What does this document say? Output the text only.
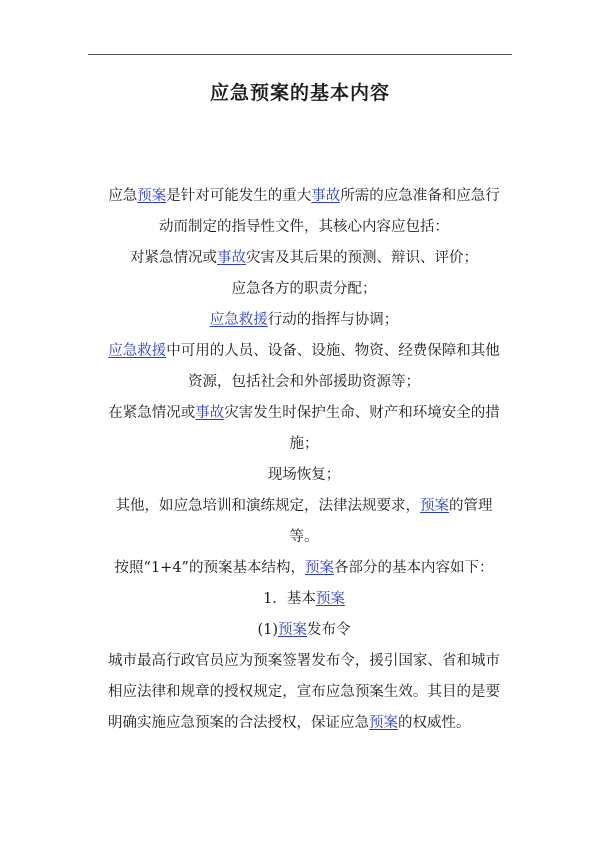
应急预案的基本内容

应急预案是针对可能发生的重大事故所需的应急准备和应急行动而制定的指导性文件，其核心内容应包括：

对紧急情况或事故灾害及其后果的预测、辩识、评价；

应急各方的职责分配；

应急救援行动的指挥与协调；

应急救援中可用的人员、设备、设施、物资、经费保障和其他资源，包括社会和外部援助资源等；

在紧急情况或事故灾害发生时保护生命、财产和环境安全的措施；

现场恢复；

其他，如应急培训和演练规定，法律法规要求，预案的管理等。

按照“1+4”的预案基本结构，预案各部分的基本内容如下：

1．基本预案

(1)预案发布令

城市最高行政官员应为预案签署发布令，援引国家、省和城市相应法律和规章的授权规定，宣布应急预案生效。其目的是要明确实施应急预案的合法授权，保证应急预案的权威性。
